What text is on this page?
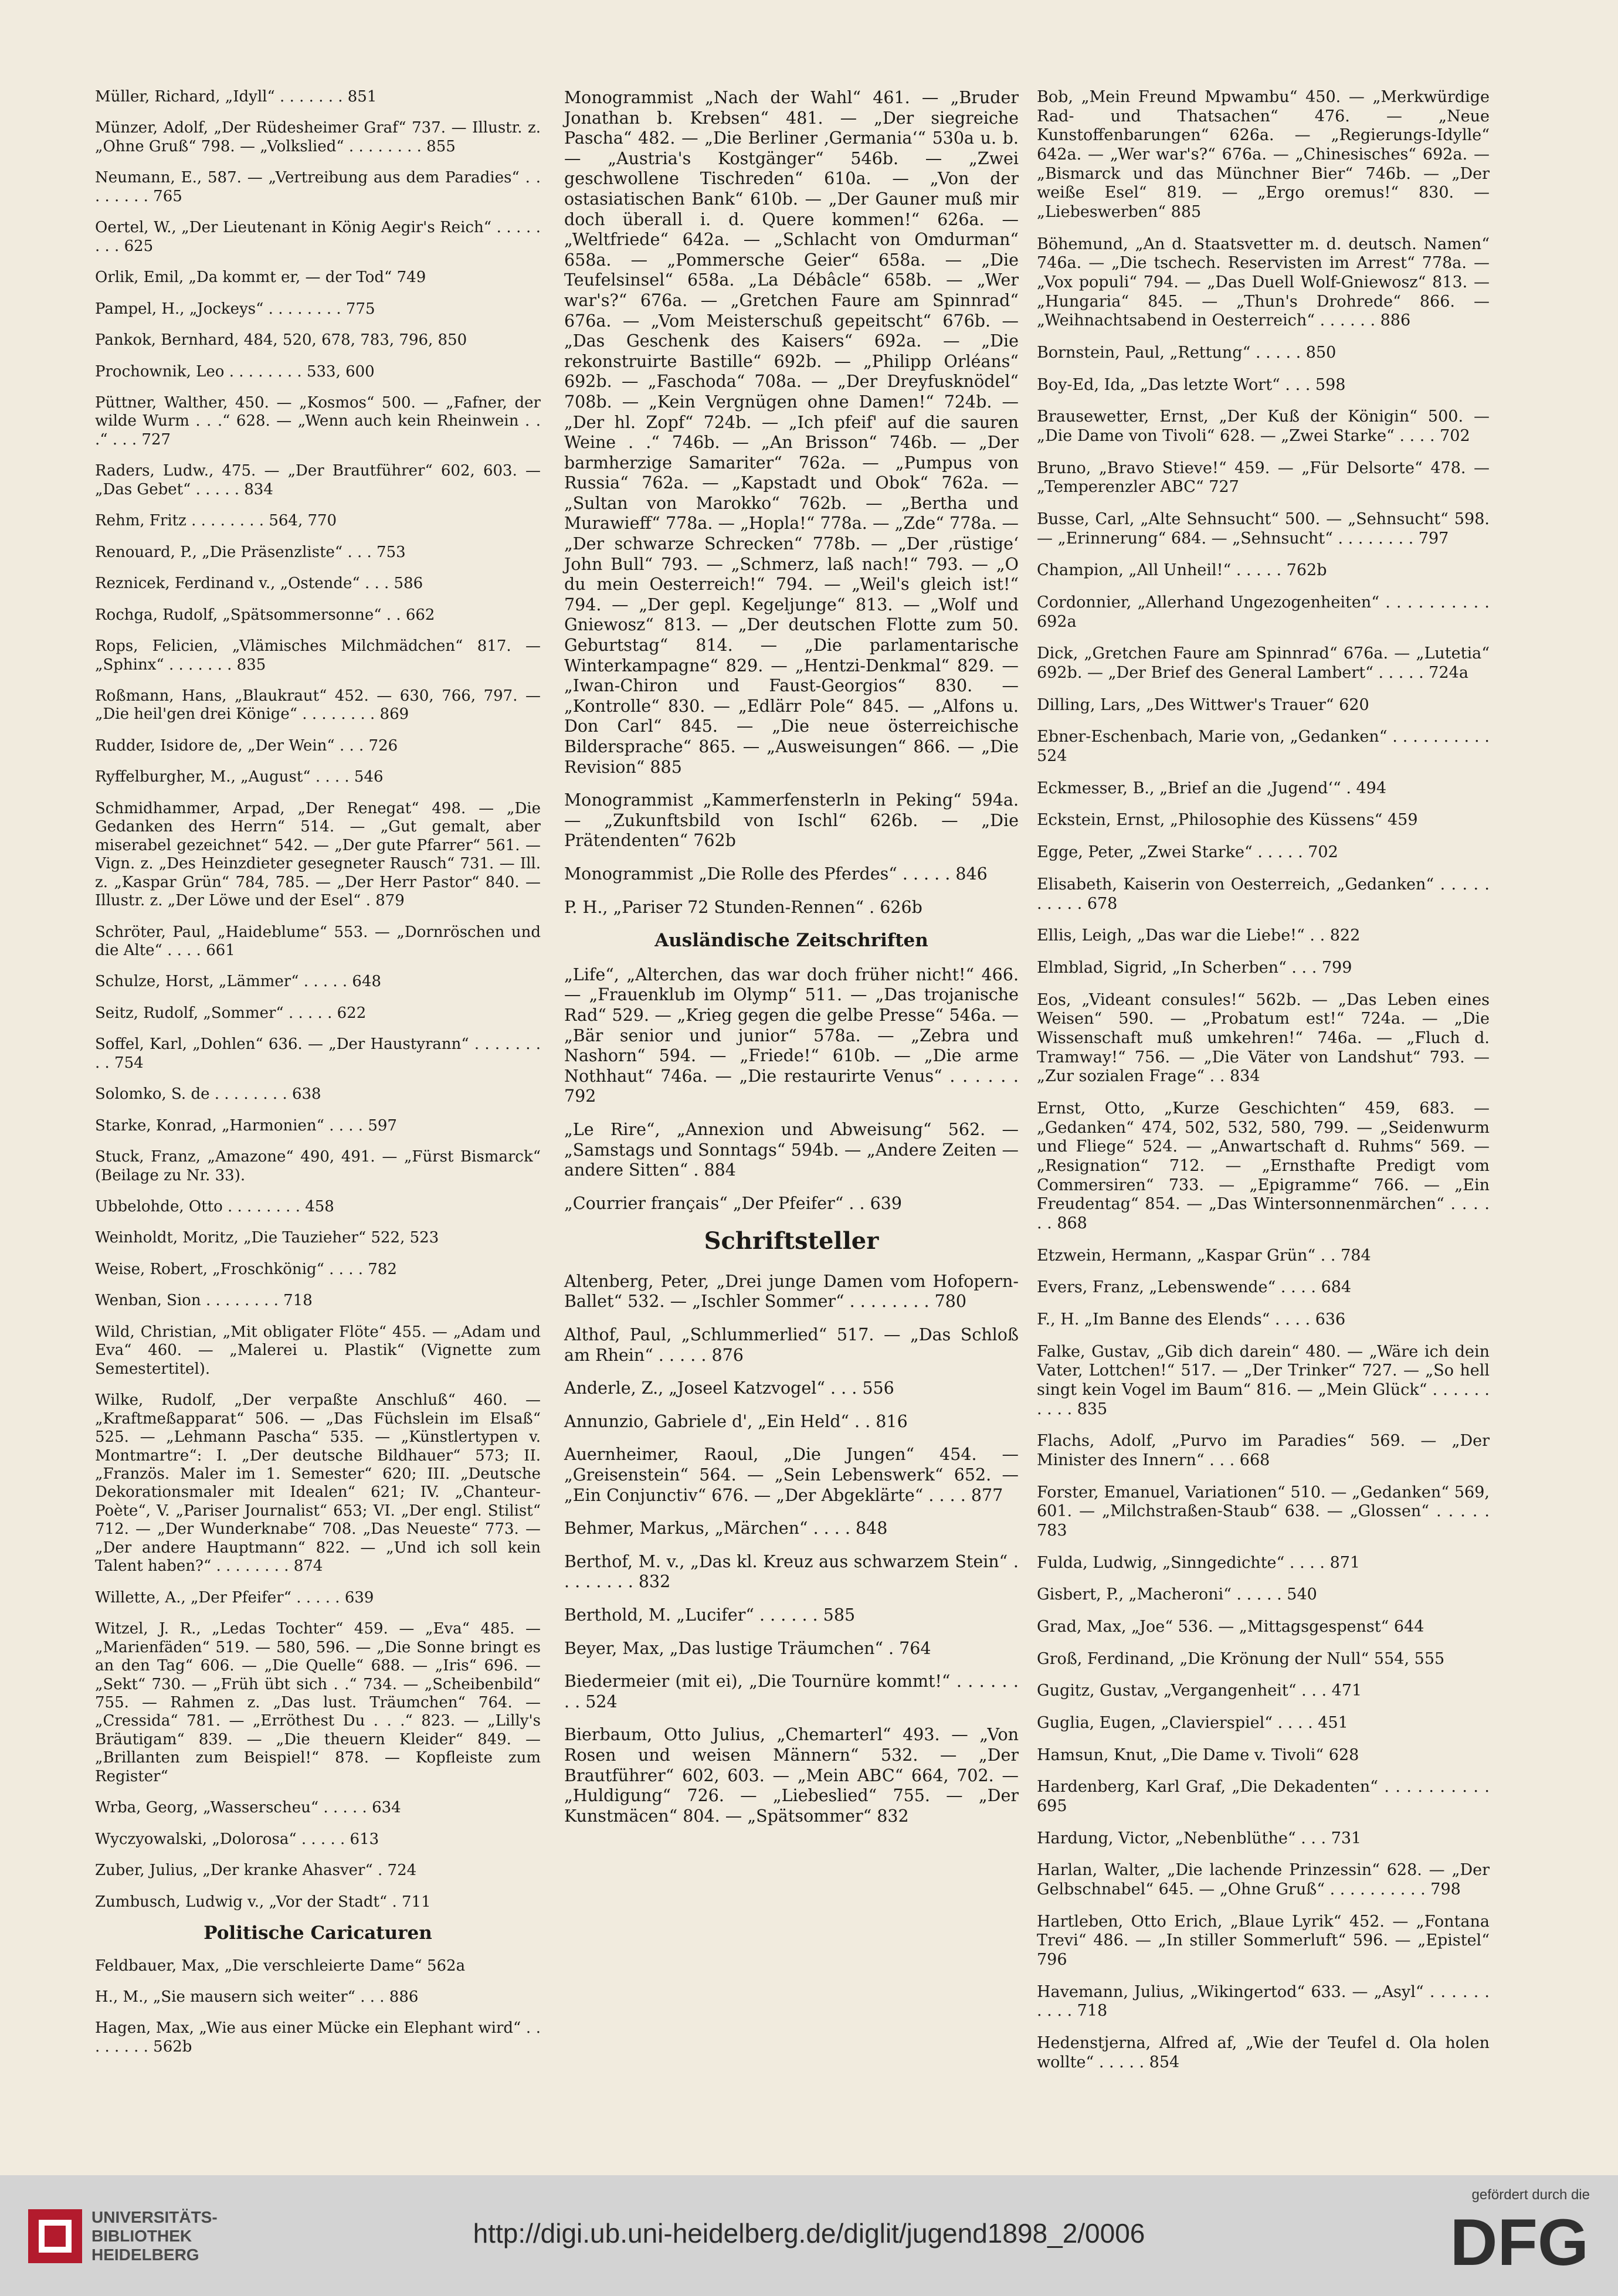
Müller, Richard, „Idyll“ . . . . . . . 851
Münzer, Adolf, „Der Rüdesheimer Graf“ 737. — Illustr. z. „Ohne Gruß“ 798. — „Volkslied“ . . . . . . . . 855
Neumann, E., 587. — „Vertreibung aus dem Paradies“ . . . . . . . . 765
Oertel, W., „Der Lieutenant in König Aegir's Reich“ . . . . . . . . 625
Orlik, Emil, „Da kommt er, — der Tod“ 749
Pampel, H., „Jockeys“ . . . . . . . . 775
Pankok, Bernhard, 484, 520, 678, 783, 796, 850
Prochownik, Leo . . . . . . . . 533, 600
Püttner, Walther, 450. — „Kosmos“ 500. — „Fafner, der wilde Wurm . . .“ 628. — „Wenn auch kein Rheinwein . . .“ . . . 727
Raders, Ludw., 475. — „Der Brautführer“ 602, 603. — „Das Gebet“ . . . . . 834
Rehm, Fritz . . . . . . . . 564, 770
Renouard, P., „Die Präsenzliste“ . . . 753
Reznicek, Ferdinand v., „Ostende“ . . . 586
Rochga, Rudolf, „Spätsommersonne“ . . 662
Rops, Felicien, „Vlämisches Milchmädchen“ 817. — „Sphinx“ . . . . . . . 835
Roßmann, Hans, „Blaukraut“ 452. — 630, 766, 797. — „Die heil'gen drei Könige“ . . . . . . . . 869
Rudder, Isidore de, „Der Wein“ . . . 726
Ryffelburgher, M., „August“ . . . . 546
Schmidhammer, Arpad, „Der Renegat“ 498. — „Die Gedanken des Herrn“ 514. — „Gut gemalt, aber miserabel gezeichnet“ 542. — „Der gute Pfarrer“ 561. — Vign. z. „Des Heinzdieter gesegneter Rausch“ 731. — Ill. z. „Kaspar Grün“ 784, 785. — „Der Herr Pastor“ 840. — Illustr. z. „Der Löwe und der Esel“ . 879
Schröter, Paul, „Haideblume“ 553. — „Dornröschen und die Alte“ . . . . 661
Schulze, Horst, „Lämmer“ . . . . . 648
Seitz, Rudolf, „Sommer“ . . . . . 622
Soffel, Karl, „Dohlen“ 636. — „Der Haustyrann“ . . . . . . . . . 754
Solomko, S. de . . . . . . . . 638
Starke, Konrad, „Harmonien“ . . . . 597
Stuck, Franz, „Amazone“ 490, 491. — „Fürst Bismarck“ (Beilage zu Nr. 33).
Ubbelohde, Otto . . . . . . . . 458
Weinholdt, Moritz, „Die Tauzieher“ 522, 523
Weise, Robert, „Froschkönig“ . . . . 782
Wenban, Sion . . . . . . . . 718
Wild, Christian, „Mit obligater Flöte“ 455. — „Adam und Eva“ 460. — „Malerei u. Plastik“ (Vignette zum Semestertitel).
Wilke, Rudolf, „Der verpaßte Anschluß“ 460. — „Kraftmeßapparat“ 506. — „Das Füchslein im Elsaß“ 525. — „Lehmann Pascha“ 535. — „Künstlertypen v. Montmartre“: I. „Der deutsche Bildhauer“ 573; II. „Französ. Maler im 1. Semester“ 620; III. „Deutsche Dekorationsmaler mit Idealen“ 621; IV. „Chanteur-Poète“, V. „Pariser Journalist“ 653; VI. „Der engl. Stilist“ 712. — „Der Wunderknabe“ 708. „Das Neueste“ 773. — „Der andere Hauptmann“ 822. — „Und ich soll kein Talent haben?“ . . . . . . . . 874
Willette, A., „Der Pfeifer“ . . . . . 639
Witzel, J. R., „Ledas Tochter“ 459. — „Eva“ 485. — „Marienfäden“ 519. — 580, 596. — „Die Sonne bringt es an den Tag“ 606. — „Die Quelle“ 688. — „Iris“ 696. — „Sekt“ 730. — „Früh übt sich . .“ 734. — „Scheibenbild“ 755. — Rahmen z. „Das lust. Träumchen“ 764. — „Cressida“ 781. — „Erröthest Du . . .“ 823. — „Lilly's Bräutigam“ 839. — „Die theuern Kleider“ 849. — „Brillanten zum Beispiel!“ 878. — Kopfleiste zum Register“
Wrba, Georg, „Wasserscheu“ . . . . . 634
Wyczyowalski, „Dolorosa“ . . . . . 613
Zuber, Julius, „Der kranke Ahasver“ . 724
Zumbusch, Ludwig v., „Vor der Stadt“ . 711
Politische Caricaturen
Feldbauer, Max, „Die verschleierte Dame“ 562a
H., M., „Sie mausern sich weiter“ . . . 886
Hagen, Max, „Wie aus einer Mücke ein Elephant wird“ . . . . . . . . 562b
Monogrammist „Nach der Wahl“ 461. — „Bruder Jonathan b. Krebsen“ 481. — „Der siegreiche Pascha“ 482. — „Die Berliner ‚Germania‘“ 530a u. b. — „Austria's Kostgänger“ 546b. — „Zwei geschwollene Tischreden“ 610a. — „Von der ostasiatischen Bank“ 610b. — „Der Gauner muß mir doch überall i. d. Quere kommen!“ 626a. — „Weltfriede“ 642a. — „Schlacht von Omdurman“ 658a. — „Pommersche Geier“ 658a. — „Die Teufelsinsel“ 658a. „La Débâcle“ 658b. — „Wer war's?“ 676a. — „Gretchen Faure am Spinnrad“ 676a. — „Vom Meisterschuß gepeitscht“ 676b. — „Das Geschenk des Kaisers“ 692a. — „Die rekonstruirte Bastille“ 692b. — „Philipp Orléans“ 692b. — „Faschoda“ 708a. — „Der Dreyfusknödel“ 708b. — „Kein Vergnügen ohne Damen!“ 724b. — „Der hl. Zopf“ 724b. — „Ich pfeif' auf die sauren Weine . .“ 746b. — „An Brisson“ 746b. — „Der barmherzige Samariter“ 762a. — „Pumpus von Russia“ 762a. — „Kapstadt und Obok“ 762a. — „Sultan von Marokko“ 762b. — „Bertha und Murawieff“ 778a. — „Hopla!“ 778a. — „Zde“ 778a. — „Der schwarze Schrecken“ 778b. — „Der ‚rüstige‘ John Bull“ 793. — „Schmerz, laß nach!“ 793. — „O du mein Oesterreich!“ 794. — „Weil's gleich ist!“ 794. — „Der gepl. Kegeljunge“ 813. — „Wolf und Gniewosz“ 813. — „Der deutschen Flotte zum 50. Geburtstag“ 814. — „Die parlamentarische Winterkampagne“ 829. — „Hentzi-Denkmal“ 829. — „Iwan-Chiron und Faust-Georgios“ 830. — „Kontrolle“ 830. — „Edlärr Pole“ 845. — „Alfons u. Don Carl“ 845. — „Die neue österreichische Bildersprache“ 865. — „Ausweisungen“ 866. — „Die Revision“ 885
Monogrammist „Kammerfensterln in Peking“ 594a. — „Zukunftsbild von Ischl“ 626b. — „Die Prätendenten“ 762b
Monogrammist „Die Rolle des Pferdes“ . . . . . 846
P. H., „Pariser 72 Stunden-Rennen“ . 626b
Ausländische Zeitschriften
„Life“, „Alterchen, das war doch früher nicht!“ 466. — „Frauenklub im Olymp“ 511. — „Das trojanische Rad“ 529. — „Krieg gegen die gelbe Presse“ 546a. — „Bär senior und junior“ 578a. — „Zebra und Nashorn“ 594. — „Friede!“ 610b. — „Die arme Nothhaut“ 746a. — „Die restaurirte Venus“ . . . . . . 792
„Le Rire“, „Annexion und Abweisung“ 562. — „Samstags und Sonntags“ 594b. — „Andere Zeiten — andere Sitten“ . 884
„Courrier français“ „Der Pfeifer“ . . 639
Schriftsteller
Altenberg, Peter, „Drei junge Damen vom Hofopern-Ballet“ 532. — „Ischler Sommer“ . . . . . . . . 780
Althof, Paul, „Schlummerlied“ 517. — „Das Schloß am Rhein“ . . . . . 876
Anderle, Z., „Joseel Katzvogel“ . . . 556
Annunzio, Gabriele d', „Ein Held“ . . 816
Auernheimer, Raoul, „Die Jungen“ 454. — „Greisenstein“ 564. — „Sein Lebenswerk“ 652. — „Ein Conjunctiv“ 676. — „Der Abgeklärte“ . . . . 877
Behmer, Markus, „Märchen“ . . . . 848
Berthof, M. v., „Das kl. Kreuz aus schwarzem Stein“ . . . . . . . . 832
Berthold, M. „Lucifer“ . . . . . . 585
Beyer, Max, „Das lustige Träumchen“ . 764
Biedermeier (mit ei), „Die Tournüre kommt!“ . . . . . . . . 524
Bierbaum, Otto Julius, „Chemarterl“ 493. — „Von Rosen und weisen Männern“ 532. — „Der Brautführer“ 602, 603. — „Mein ABC“ 664, 702. — „Huldigung“ 726. — „Liebeslied“ 755. — „Der Kunstmäcen“ 804. — „Spätsommer“ 832
Bob, „Mein Freund Mpwambu“ 450. — „Merkwürdige Rad- und Thatsachen“ 476. — „Neue Kunstoffenbarungen“ 626a. — „Regierungs-Idylle“ 642a. — „Wer war's?“ 676a. — „Chinesisches“ 692a. — „Bismarck und das Münchner Bier“ 746b. — „Der weiße Esel“ 819. — „Ergo oremus!“ 830. — „Liebeswerben“ 885
Böhemund, „An d. Staatsvetter m. d. deutsch. Namen“ 746a. — „Die tschech. Reservisten im Arrest“ 778a. — „Vox populi“ 794. — „Das Duell Wolf-Gniewosz“ 813. — „Hungaria“ 845. — „Thun's Drohrede“ 866. — „Weihnachtsabend in Oesterreich“ . . . . . . 886
Bornstein, Paul, „Rettung“ . . . . . 850
Boy-Ed, Ida, „Das letzte Wort“ . . . 598
Brausewetter, Ernst, „Der Kuß der Königin“ 500. — „Die Dame von Tivoli“ 628. — „Zwei Starke“ . . . . 702
Bruno, „Bravo Stieve!“ 459. — „Für Delsorte“ 478. — „Temperenzler ABC“ 727
Busse, Carl, „Alte Sehnsucht“ 500. — „Sehnsucht“ 598. — „Erinnerung“ 684. — „Sehnsucht“ . . . . . . . . 797
Champion, „All Unheil!“ . . . . . 762b
Cordonnier, „Allerhand Ungezogenheiten“ . . . . . . . . . . 692a
Dick, „Gretchen Faure am Spinnrad“ 676a. — „Lutetia“ 692b. — „Der Brief des General Lambert“ . . . . . 724a
Dilling, Lars, „Des Wittwer's Trauer“ 620
Ebner-Eschenbach, Marie von, „Gedanken“ . . . . . . . . . . 524
Eckmesser, B., „Brief an die ‚Jugend‘“ . 494
Eckstein, Ernst, „Philosophie des Küssens“ 459
Egge, Peter, „Zwei Starke“ . . . . . 702
Elisabeth, Kaiserin von Oesterreich, „Gedanken“ . . . . . . . . . . 678
Ellis, Leigh, „Das war die Liebe!“ . . 822
Elmblad, Sigrid, „In Scherben“ . . . 799
Eos, „Videant consules!“ 562b. — „Das Leben eines Weisen“ 590. — „Probatum est!“ 724a. — „Die Wissenschaft muß umkehren!“ 746a. — „Fluch d. Tramway!“ 756. — „Die Väter von Landshut“ 793. — „Zur sozialen Frage“ . . 834
Ernst, Otto, „Kurze Geschichten“ 459, 683. — „Gedanken“ 474, 502, 532, 580, 799. — „Seidenwurm und Fliege“ 524. — „Anwartschaft d. Ruhms“ 569. — „Resignation“ 712. — „Ernsthafte Predigt vom Commersiren“ 733. — „Epigramme“ 766. — „Ein Freudentag“ 854. — „Das Wintersonnenmärchen“ . . . . . . 868
Etzwein, Hermann, „Kaspar Grün“ . . 784
Evers, Franz, „Lebenswende“ . . . . 684
F., H. „Im Banne des Elends“ . . . . 636
Falke, Gustav, „Gib dich darein“ 480. — „Wäre ich dein Vater, Lottchen!“ 517. — „Der Trinker“ 727. — „So hell singt kein Vogel im Baum“ 816. — „Mein Glück“ . . . . . . . . . . 835
Flachs, Adolf, „Purvo im Paradies“ 569. — „Der Minister des Innern“ . . . 668
Forster, Emanuel, Variationen“ 510. — „Gedanken“ 569, 601. — „Milchstraßen-Staub“ 638. — „Glossen“ . . . . . 783
Fulda, Ludwig, „Sinngedichte“ . . . . 871
Gisbert, P., „Macheroni“ . . . . . 540
Grad, Max, „Joe“ 536. — „Mittagsgespenst“ 644
Groß, Ferdinand, „Die Krönung der Null“ 554, 555
Gugitz, Gustav, „Vergangenheit“ . . . 471
Guglia, Eugen, „Clavierspiel“ . . . . 451
Hamsun, Knut, „Die Dame v. Tivoli“ 628
Hardenberg, Karl Graf, „Die Dekadenten“ . . . . . . . . . . 695
Hardung, Victor, „Nebenblüthe“ . . . 731
Harlan, Walter, „Die lachende Prinzessin“ 628. — „Der Gelbschnabel“ 645. — „Ohne Gruß“ . . . . . . . . . . 798
Hartleben, Otto Erich, „Blaue Lyrik“ 452. — „Fontana Trevi“ 486. — „In stiller Sommerluft“ 596. — „Epistel“ 796
Havemann, Julius, „Wikingertod“ 633. — „Asyl“ . . . . . . . . . . 718
Hedenstjerna, Alfred af, „Wie der Teufel d. Ola holen wollte“ . . . . . 854
UNIVERSITÄTS-
BIBLIOTHEK
HEIDELBERG
http://digi.ub.uni-heidelberg.de/diglit/jugend1898_2/0006
gefördert durch die
DFG
